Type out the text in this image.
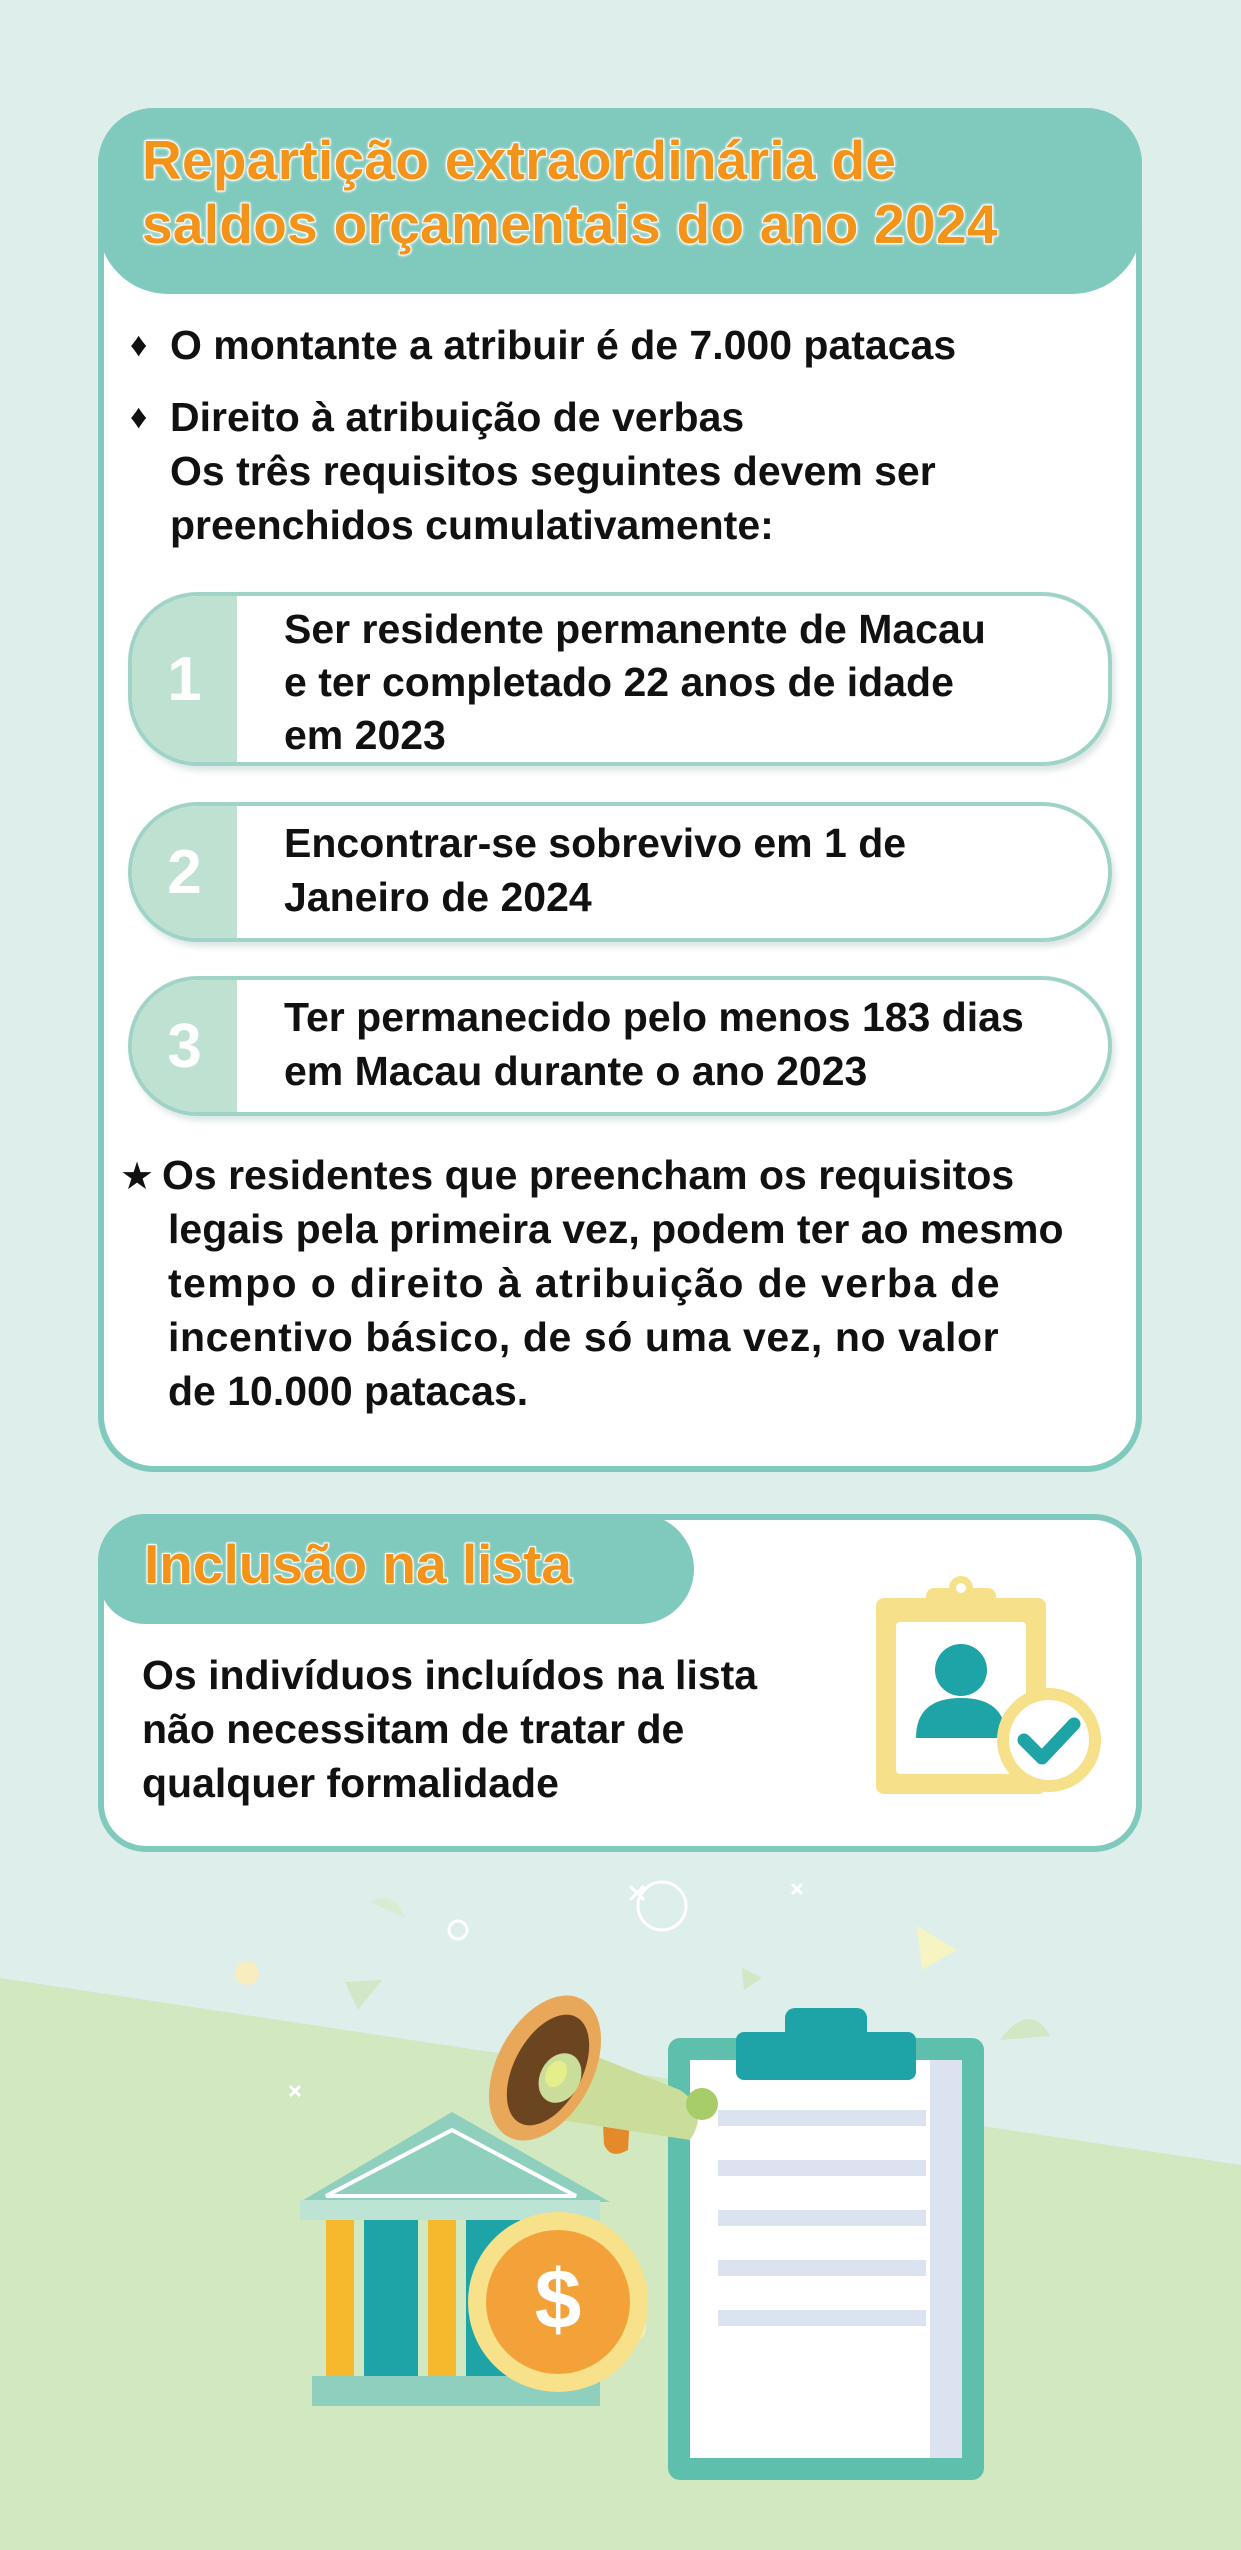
Repartição extraordinária de
saldos orçamentais do ano 2024
♦ O montante a atribuir é de 7.000 patacas
♦ Direito à atribuição de verbas
Os três requisitos seguintes devem ser
preenchidos cumulativamente:
1
Ser residente permanente de Macau
e ter completado 22 anos de idade
em 2023
2	Encontrar-se sobrevivo em 1 de
Janeiro de 2024
3	Ter permanecido pelo menos 183 dias
em Macau durante o ano 2023
★ Os residentes que preencham os requisitos
legais pela primeira vez, podem ter ao mesmo
tempo o direito à atribuição de verba de
incentivo básico, de só uma vez, no valor
de 10.000 patacas.
Inclusão na lista
Os indivíduos incluídos na lista
não necessitam de tratar de
qualquer formalidade
$
